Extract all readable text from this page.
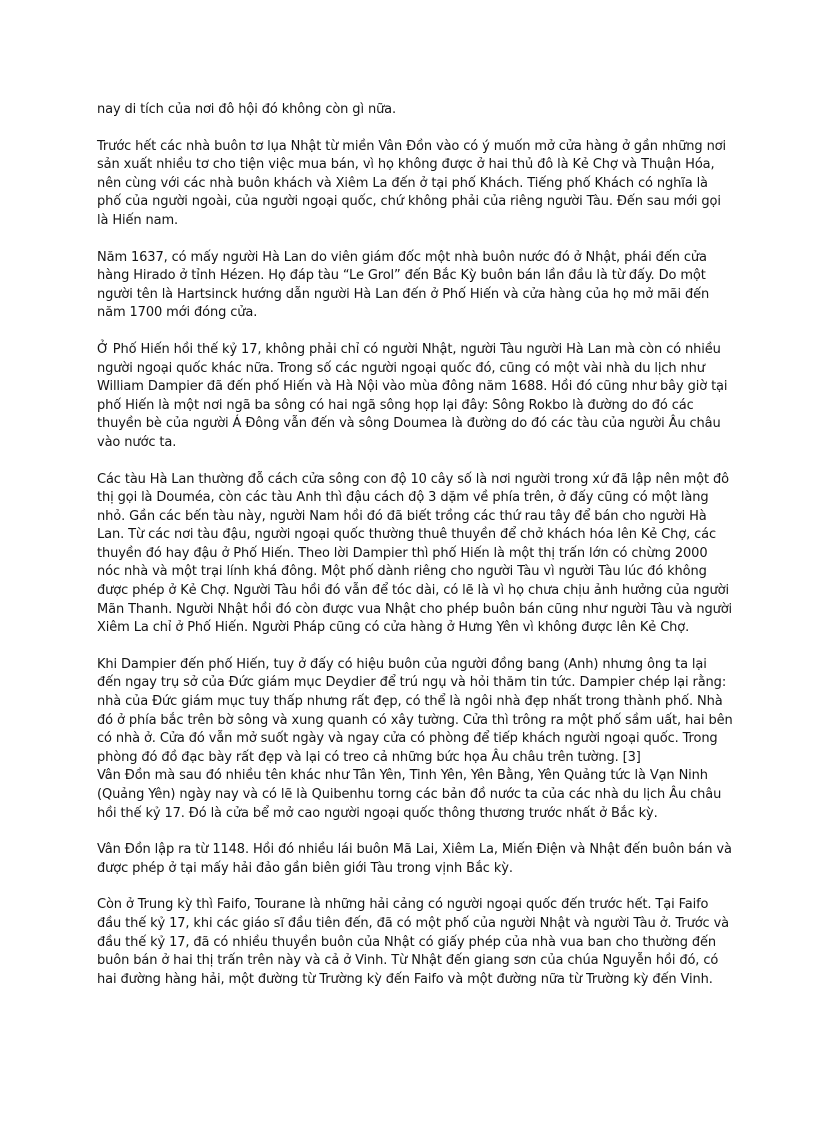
nay di tích của nơi đô hội đó không còn gì nữa.

Trước hết các nhà buôn tơ lụa Nhật từ miền Vân Đồn vào có ý muốn mở cửa hàng ở gần những nơi sản xuất nhiều tơ cho tiện việc mua bán, vì họ không được ở hai thủ đô là Kẻ Chợ và Thuận Hóa, nên cùng với các nhà buôn khách và Xiêm La đến ở tại phố Khách. Tiếng phố Khách có nghĩa là phố của người ngoài, của người ngoại quốc, chứ không phải của riêng người Tàu. Đến sau mới gọi là Hiến nam.

Năm 1637, có mấy người Hà Lan do viên giám đốc một nhà buôn nước đó ở Nhật, phái đến cửa hàng Hirado ở tỉnh Hézen. Họ đáp tàu “Le Grol” đến Bắc Kỳ buôn bán lần đầu là từ đấy. Do một người tên là Hartsinck hướng dẫn người Hà Lan đến ở Phố Hiến và cửa hàng của họ mở mãi đến năm 1700 mới đóng cửa.

Ở Phố Hiến hồi thế kỷ 17, không phải chỉ có người Nhật, người Tàu người Hà Lan mà còn có nhiều người ngoại quốc khác nữa. Trong số các người ngoại quốc đó, cũng có một vài nhà du lịch như William Dampier đã đến phố Hiến và Hà Nội vào mùa đông năm 1688. Hồi đó cũng như bây giờ tại phố Hiến là một nơi ngã ba sông có hai ngã sông họp lại đây: Sông Rokbo là đường do đó các thuyền bè của người Á Đông vẫn đến và sông Doumea là đường do đó các tàu của người Âu châu vào nước ta.

Các tàu Hà Lan thường đỗ cách cửa sông con độ 10 cây số là nơi người trong xứ đã lập nên một đô thị gọi là Douméa, còn các tàu Anh thì đậu cách độ 3 dặm về phía trên, ở đấy cũng có một làng nhỏ. Gần các bến tàu này, người Nam hồi đó đã biết trồng các thứ rau tây để bán cho người Hà Lan. Từ các nơi tàu đậu, người ngoại quốc thường thuê thuyền để chở khách hóa lên Kẻ Chợ, các thuyền đó hay đậu ở Phố Hiến. Theo lời Dampier thì phố Hiến là một thị trấn lớn có chừng 2000 nóc nhà và một trại lính khá đông. Một phố dành riêng cho người Tàu vì người Tàu lúc đó không được phép ở Kẻ Chợ. Người Tàu hồi đó vẫn để tóc dài, có lẽ là vì họ chưa chịu ảnh hưởng của người Mãn Thanh. Người Nhật hồi đó còn được vua Nhật cho phép buôn bán cũng như người Tàu và người Xiêm La chỉ ở Phố Hiến. Người Pháp cũng có cửa hàng ở Hưng Yên vì không được lên Kẻ Chợ.

Khi Dampier đến phố Hiến, tuy ở đấy có hiệu buôn của người đồng bang (Anh) nhưng ông ta lại đến ngay trụ sở của Đức giám mục Deydier để trú ngụ và hỏi thăm tin tức. Dampier chép lại rằng: nhà của Đức giám mục tuy thấp nhưng rất đẹp, có thể là ngôi nhà đẹp nhất trong thành phố. Nhà đó ở phía bắc trên bờ sông và xung quanh có xây tường. Cửa thì trông ra một phố sầm uất, hai bên có nhà ở. Cửa đó vẫn mở suốt ngày và ngay cửa có phòng để tiếp khách người ngoại quốc. Trong phòng đó đồ đạc bày rất đẹp và lại có treo cả những bức họa Âu châu trên tường. [3]

Vân Đồn mà sau đó nhiều tên khác như Tân Yên, Tinh Yên, Yên Bằng, Yên Quảng tức là Vạn Ninh (Quảng Yên) ngày nay và có lẽ là Quibenhu torng các bản đồ nước ta của các nhà du lịch Âu châu hồi thế kỷ 17. Đó là cửa bể mở cao người ngoại quốc thông thương trước nhất ở Bắc kỳ.

Vân Đồn lập ra từ 1148. Hồi đó nhiều lái buôn Mã Lai, Xiêm La, Miến Điện và Nhật đến buôn bán và được phép ở tại mấy hải đảo gần biên giới Tàu trong vịnh Bắc kỳ.

Còn ở Trung kỳ thì Faifo, Tourane là những hải cảng có người ngoại quốc đến trước hết. Tại Faifo đầu thế kỷ 17, khi các giáo sĩ đầu tiên đến, đã có một phố của người Nhật và người Tàu ở. Trước và đầu thế kỷ 17, đã có nhiều thuyền buôn của Nhật có giấy phép của nhà vua ban cho thường đến buôn bán ở hai thị trấn trên này và cả ở Vinh. Từ Nhật đến giang sơn của chúa Nguyễn hồi đó, có hai đường hàng hải, một đường từ Trường kỳ đến Faifo và một đường nữa từ Trường kỳ đến Vinh.
